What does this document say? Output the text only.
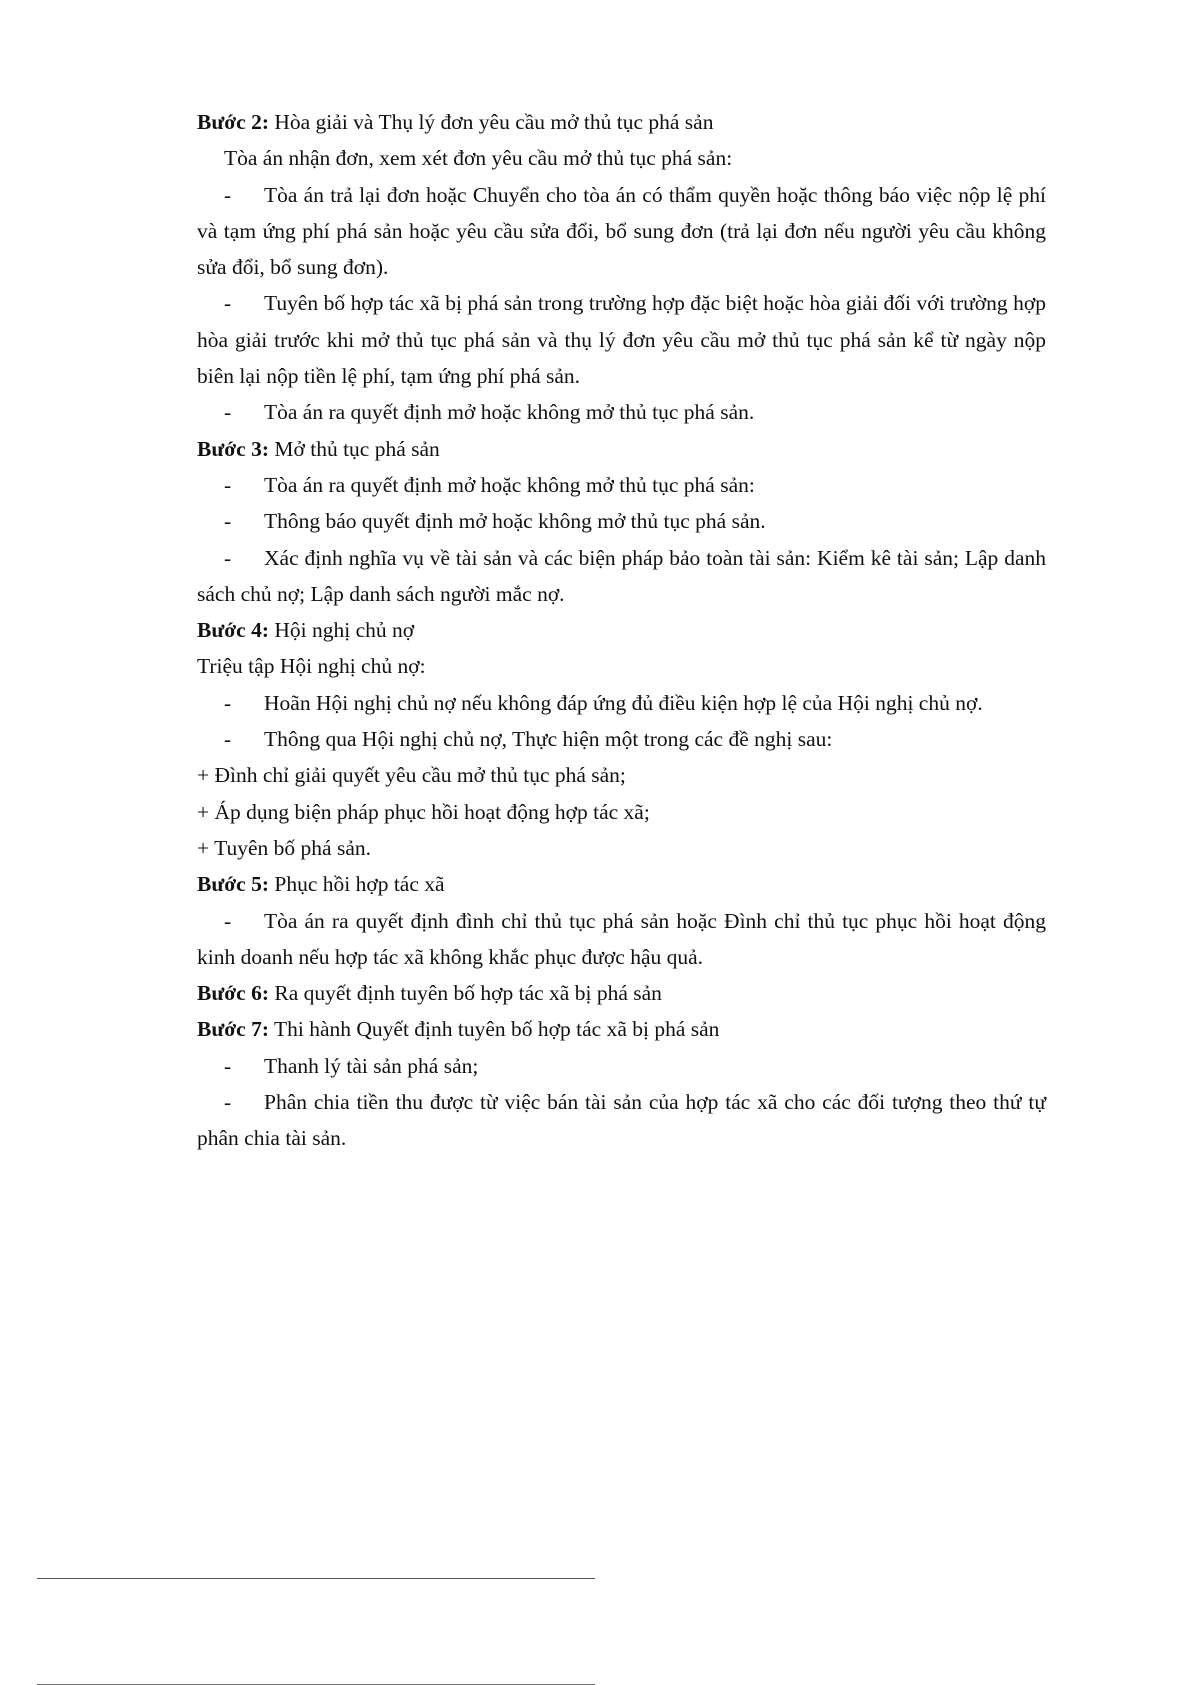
Bước 2: Hòa giải và Thụ lý đơn yêu cầu mở thủ tục phá sản

Tòa án nhận đơn, xem xét đơn yêu cầu mở thủ tục phá sản:

- Tòa án trả lại đơn hoặc Chuyển cho tòa án có thẩm quyền hoặc thông báo việc nộp lệ phí và tạm ứng phí phá sản hoặc yêu cầu sửa đổi, bổ sung đơn (trả lại đơn nếu người yêu cầu không sửa đổi, bổ sung đơn).

- Tuyên bố hợp tác xã bị phá sản trong trường hợp đặc biệt hoặc hòa giải đối với trường hợp hòa giải trước khi mở thủ tục phá sản và thụ lý đơn yêu cầu mở thủ tục phá sản kể từ ngày nộp biên lại nộp tiền lệ phí, tạm ứng phí phá sản.

- Tòa án ra quyết định mở hoặc không mở thủ tục phá sản.

Bước 3: Mở thủ tục phá sản

- Tòa án ra quyết định mở hoặc không mở thủ tục phá sản:

- Thông báo quyết định mở hoặc không mở thủ tục phá sản.

- Xác định nghĩa vụ về tài sản và các biện pháp bảo toàn tài sản: Kiểm kê tài sản; Lập danh sách chủ nợ; Lập danh sách người mắc nợ.

Bước 4: Hội nghị chủ nợ

Triệu tập Hội nghị chủ nợ:

- Hoãn Hội nghị chủ nợ nếu không đáp ứng đủ điều kiện hợp lệ của Hội nghị chủ nợ.

- Thông qua Hội nghị chủ nợ, Thực hiện một trong các đề nghị sau:

+ Đình chỉ giải quyết yêu cầu mở thủ tục phá sản;

+ Áp dụng biện pháp phục hồi hoạt động hợp tác xã;

+ Tuyên bố phá sản.

Bước 5: Phục hồi hợp tác xã

- Tòa án ra quyết định đình chỉ thủ tục phá sản hoặc Đình chỉ thủ tục phục hồi hoạt động kinh doanh nếu hợp tác xã không khắc phục được hậu quả.

Bước 6: Ra quyết định tuyên bố hợp tác xã bị phá sản

Bước 7: Thi hành Quyết định tuyên bố hợp tác xã bị phá sản

- Thanh lý tài sản phá sản;

- Phân chia tiền thu được từ việc bán tài sản của hợp tác xã cho các đối tượng theo thứ tự phân chia tài sản.
